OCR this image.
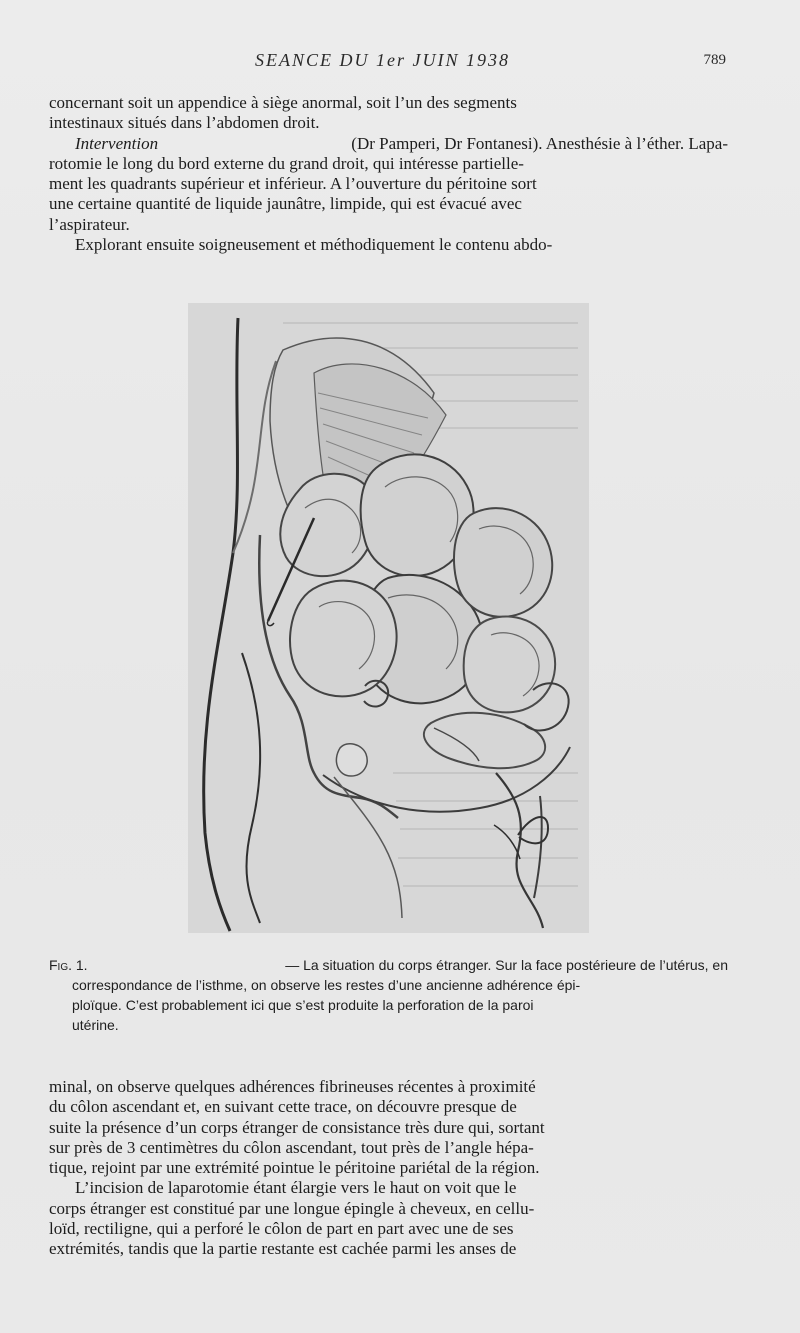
SEANCE DU 1er JUIN 1938	789
concernant soit un appendice à siège anormal, soit l’un des segments
intestinaux situés dans l’abdomen droit.
Intervention	(Dr Pamperi, Dr Fontanesi). Anesthésie à l’éther. Lapa-
rotomie le long du bord externe du grand droit, qui intéresse partielle-
ment les quadrants supérieur et inférieur. A l’ouverture du péritoine sort
une certaine quantité de liquide jaunâtre, limpide, qui est évacué avec
l’aspirateur.
Explorant ensuite soigneusement et méthodiquement le contenu abdo-
Fig. 1.	— La situation du corps étranger. Sur la face postérieure de l’utérus, en
correspondance de l’isthme, on observe les restes d’une ancienne adhérence épi-
ploïque. C’est probablement ici que s’est produite la perforation de la paroi
utérine.
minal, on observe quelques adhérences fibrineuses récentes à proximité
du côlon ascendant et, en suivant cette trace, on découvre presque de
suite la présence d’un corps étranger de consistance très dure qui, sortant
sur près de 3 centimètres du côlon ascendant, tout près de l’angle hépa-
tique, rejoint par une extrémité pointue le péritoine pariétal de la région.
L’incision de laparotomie étant élargie vers le haut on voit que le
corps étranger est constitué par une longue épingle à cheveux, en cellu-
loïd, rectiligne, qui a perforé le côlon de part en part avec une de ses
extrémités, tandis que la partie restante est cachée parmi les anses de
